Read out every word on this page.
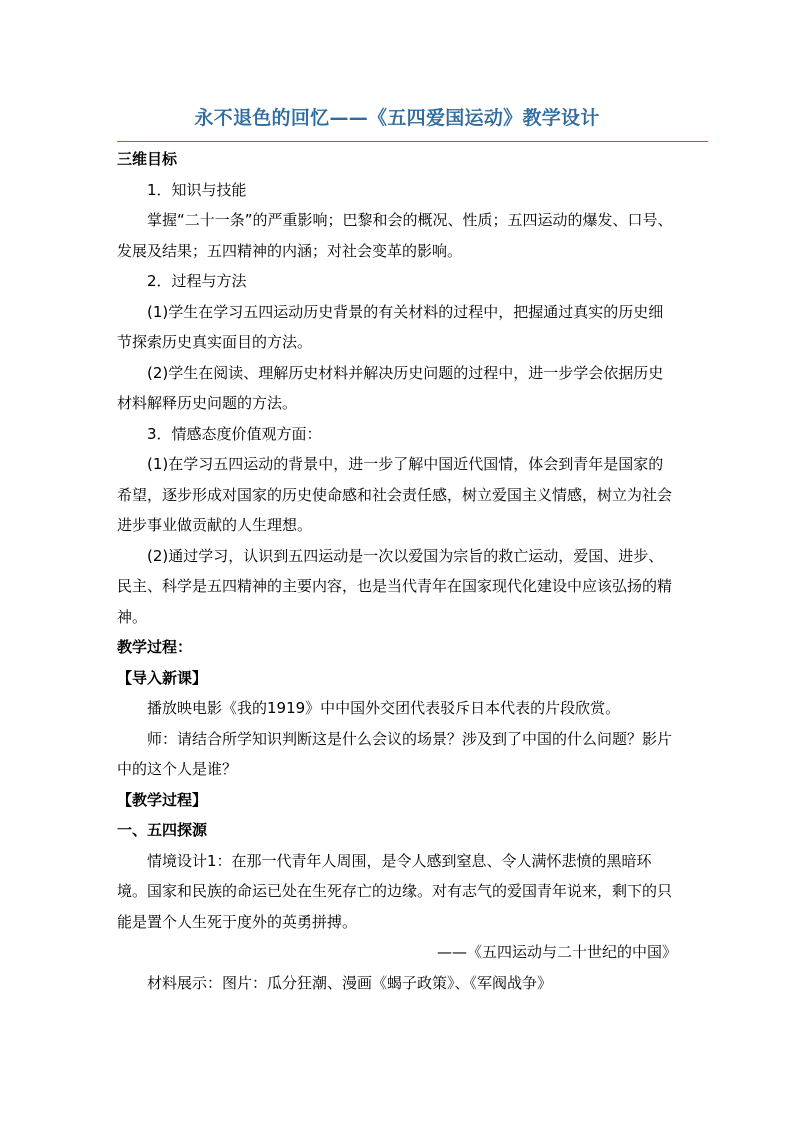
永不退色的回忆——《五四爱国运动》教学设计

三维目标

1．知识与技能

掌握“二十一条”的严重影响；巴黎和会的概况、性质；五四运动的爆发、口号、发展及结果；五四精神的内涵；对社会变革的影响。

2．过程与方法

(1)学生在学习五四运动历史背景的有关材料的过程中，把握通过真实的历史细节探索历史真实面目的方法。

(2)学生在阅读、理解历史材料并解决历史问题的过程中，进一步学会依据历史材料解释历史问题的方法。

3．情感态度价值观方面：

(1)在学习五四运动的背景中，进一步了解中国近代国情，体会到青年是国家的希望，逐步形成对国家的历史使命感和社会责任感，树立爱国主义情感，树立为社会进步事业做贡献的人生理想。

(2)通过学习，认识到五四运动是一次以爱国为宗旨的救亡运动，爱国、进步、民主、科学是五四精神的主要内容，也是当代青年在国家现代化建设中应该弘扬的精神。

教学过程：

【导入新课】

播放映电影《我的1919》中中国外交团代表驳斥日本代表的片段欣赏。

师：请结合所学知识判断这是什么会议的场景？涉及到了中国的什么问题？影片中的这个人是谁？

【教学过程】

一、五四探源

情境设计1：在那一代青年人周围，是令人感到窒息、令人满怀悲愤的黑暗环境。国家和民族的命运已处在生死存亡的边缘。对有志气的爱国青年说来，剩下的只能是置个人生死于度外的英勇拼搏。

——《五四运动与二十世纪的中国》

材料展示：图片：瓜分狂潮、漫画《蝎子政策》、《军阀战争》
